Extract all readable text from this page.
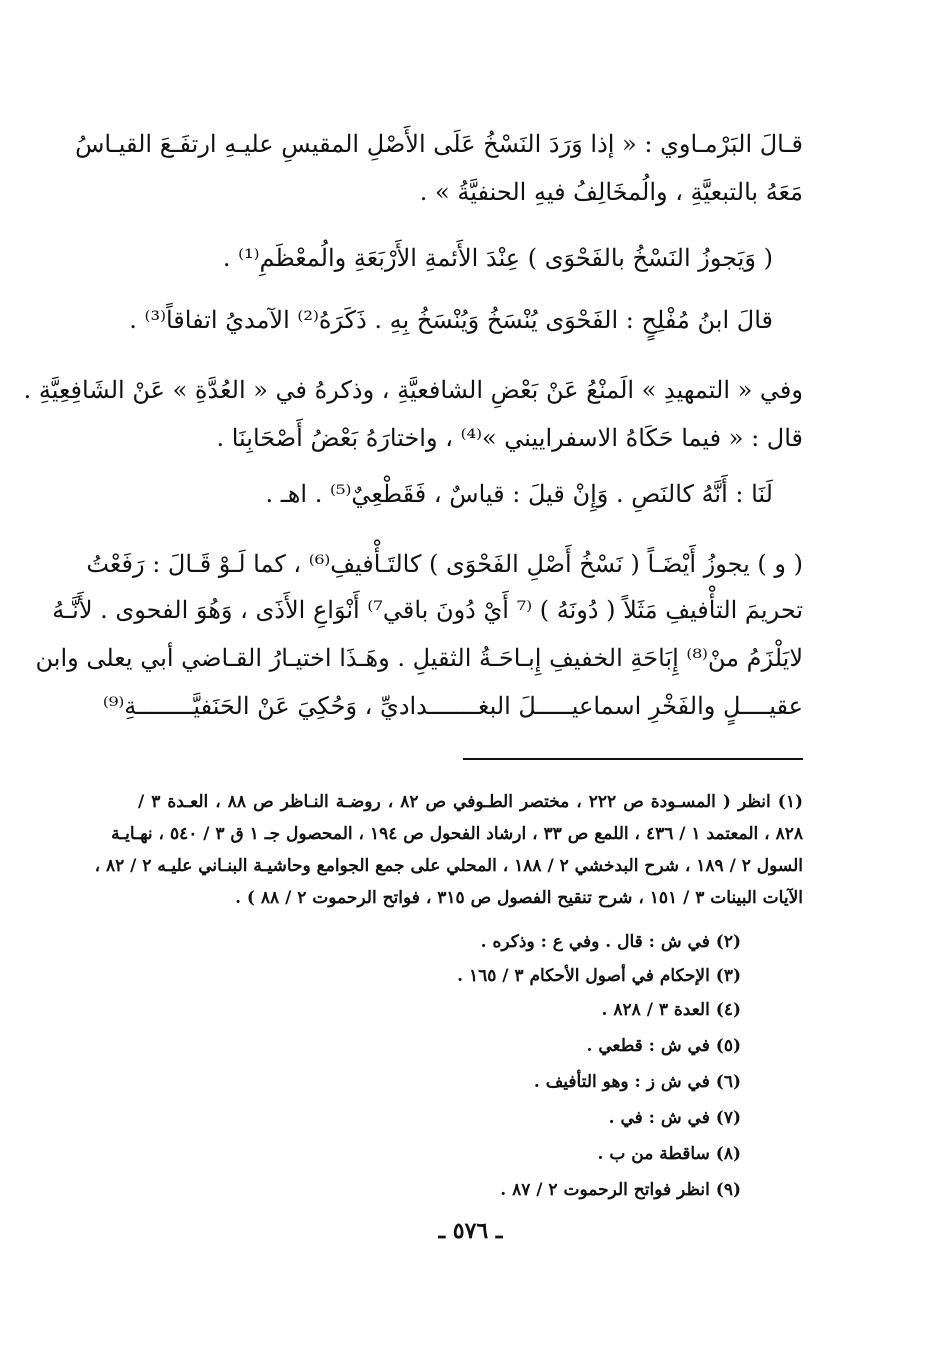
قـالَ البَرْمـاوي : « إذا وَرَدَ النَسْخُ عَلَى الأَصْلِ المقيسِ عليـهِ ارتفَـعَ القيـاسُ
مَعَهُ بالتبعيَّةِ ، والُمخَالِفُ فيهِ الحنفيَّةُ » .
( وَيَجوزُ النَسْخُ بالفَحْوَى ) عِنْدَ الأَئمةِ الأَرْبَعَةِ والُمعْظَمِ⁽¹⁾ .
قالَ ابنُ مُفْلِحٍ : الفَحْوَى يُنْسَخُ وَيُنْسَخُ بِهِ . ذَكَرَهُ⁽²⁾ الآمديُ اتفاقاً⁽³⁾ .
وفي « التمهيدِ » الَمنْعُ عَنْ بَعْضِ الشافعيَّةِ ، وذكرهُ في « العُدَّةِ » عَنْ الشَافِعِيَّةِ .
قال : « فيما حَكَاهُ الاسفراييني »⁽⁴⁾ ، واختارَهُ بَعْضُ أَصْحَابِنَا .
لَنَا : أَنَّهُ كالنَصِ . وَإِنْ قيلَ : قياسٌ ، فَقَطْعِيٌ⁽⁵⁾ . اهـ .
( و ) يجوزُ أَيْضَـاً ( نَسْخُ أَصْلِ الفَحْوَى ) كالتَـأْفيفِ⁽⁶⁾ ، كما لَـوْ قَـالَ : رَفَعْتُ
تحريمَ التأْفيفِ مَثَلاً ( دُونَهُ ) ⁽⁷ أَيْ دُونَ باقي⁷⁾ أَنْوَاعِ الأَذَى ، وَهُوَ الفحوى . لأَنَّـهُ
لايَلْزَمُ منْ⁽⁸⁾ إِبَاحَةِ الخفيفِ إِبـاحَـةُ الثقيلِ . وهَـذَا اختيـارُ القـاضي أبي يعلى وابن
عقيــــلٍ والفَخْرِ اسماعيـــــلَ البغـــــــداديِّ ، وَحُكِيَ عَنْ الحَنَفيَّــــــــةِ⁽⁹⁾
(١) انظر ( المسـودة ص ٢٢٢ ، مختصر الطـوفي ص ٨٢ ، روضـة النـاظر ص ٨٨ ، العـدة ٣ /
٨٢٨ ، المعتمد ١ / ٤٣٦ ، اللمع ص ٣٣ ، ارشاد الفحول ص ١٩٤ ، المحصول جـ ١ ق ٣ / ٥٤٠ ، نهـايـة
السول ٢ / ١٨٩ ، شرح البدخشي ٢ / ١٨٨ ، المحلي على جمع الجوامع وحاشيـة البنـاني عليـه ٢ / ٨٢ ،
الآيات البينات ٣ / ١٥١ ، شرح تنقيح الفصول ص ٣١٥ ، فواتح الرحموت ٢ / ٨٨ ) .
(٢) في ش : قال . وفي ع : وذكره .
(٣) الإحكام في أصول الأحكام ٣ / ١٦٥ .
(٤) العدة ٣ / ٨٢٨ .
(٥) في ش : قطعي .
(٦) في ش ز : وهو التأفيف .
(٧) في ش : في .
(٨) ساقطة من ب .
(٩) انظر فواتح الرحموت ٢ / ٨٧ .
ـ ٥٧٦ ـ
